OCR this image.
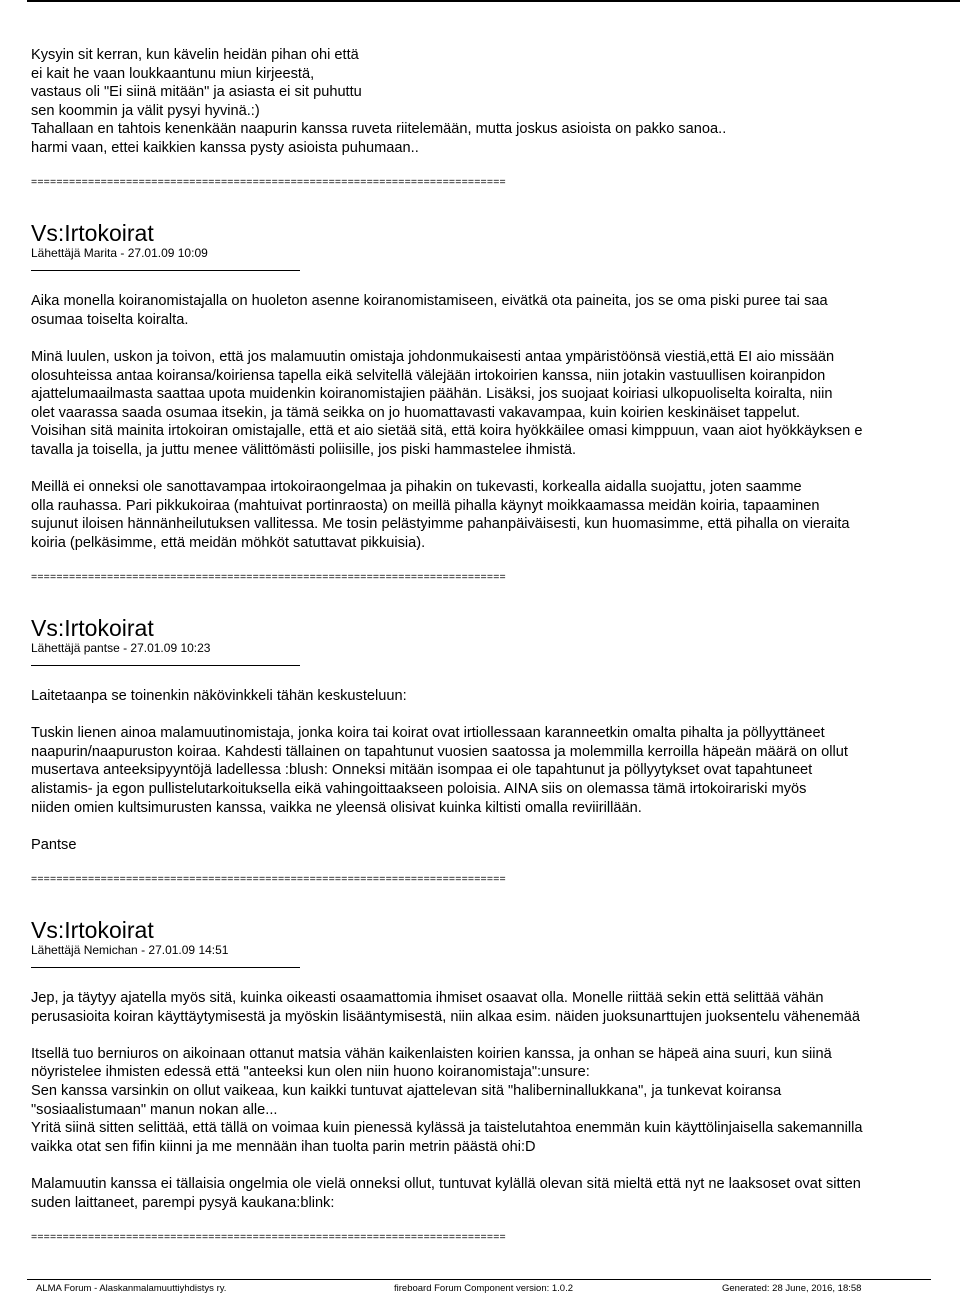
Kysyin sit kerran, kun kävelin heidän pihan ohi että

ei kait he vaan loukkaantunu miun kirjeestä,

vastaus oli "Ei siinä mitään" ja asiasta ei sit puhuttu

sen koommin ja välit pysyi hyvinä.:)

Tahallaan en tahtois kenenkään naapurin kanssa ruveta riitelemään, mutta joskus asioista on pakko sanoa..

harmi vaan, ettei kaikkien kanssa pysty asioista puhumaan..

===========================================================================

Vs:Irtokoirat

Lähettäjä Marita - 27.01.09 10:09

Aika monella koiranomistajalla on huoleton asenne koiranomistamiseen, eivätkä ota paineita, jos se oma piski puree tai saa

osumaa toiselta koiralta.

Minä luulen, uskon ja toivon, että jos malamuutin omistaja johdonmukaisesti antaa ympäristöönsä viestiä,että EI aio missään

olosuhteissa antaa koiransa/koiriensa tapella eikä selvitellä välejään irtokoirien kanssa, niin jotakin vastuullisen koiranpidon

ajattelumaailmasta saattaa upota muidenkin koiranomistajien päähän. Lisäksi, jos suojaat koiriasi ulkopuoliselta koiralta, niin

olet vaarassa saada osumaa itsekin, ja tämä seikka on jo huomattavasti vakavampaa, kuin koirien keskinäiset tappelut.

Voisihan sitä mainita irtokoiran omistajalle, että et aio sietää sitä, että koira hyökkäilee omasi kimppuun, vaan aiot hyökkäyksen e

tavalla ja toisella, ja juttu menee välittömästi poliisille, jos piski hammastelee ihmistä.

Meillä ei onneksi ole sanottavampaa irtokoiraongelmaa ja pihakin on tukevasti, korkealla aidalla suojattu, joten saamme

olla rauhassa. Pari pikkukoiraa (mahtuivat portinraosta) on meillä pihalla käynyt moikkaamassa meidän koiria, tapaaminen

sujunut iloisen hännänheilutuksen vallitessa. Me tosin pelästyimme pahanpäiväisesti, kun huomasimme, että pihalla on vieraita

koiria (pelkäsimme, että meidän möhköt satuttavat pikkuisia).

===========================================================================

Vs:Irtokoirat

Lähettäjä pantse - 27.01.09 10:23

Laitetaanpa se toinenkin näkövinkkeli tähän keskusteluun:

Tuskin lienen ainoa malamuutinomistaja, jonka koira tai koirat ovat irtiollessaan karanneetkin omalta pihalta ja pöllyyttäneet

naapurin/naapuruston koiraa. Kahdesti tällainen on tapahtunut vuosien saatossa ja molemmilla kerroilla häpeän määrä on ollut

musertava anteeksipyyntöjä ladellessa :blush: Onneksi mitään isompaa ei ole tapahtunut ja pöllyytykset ovat tapahtuneet

alistamis- ja egon pullistelutarkoituksella eikä vahingoittaakseen poloisia. AINA siis on olemassa tämä irtokoirariski myös

niiden omien kultsimurusten kanssa, vaikka ne yleensä olisivat kuinka kiltisti omalla reviirillään.

Pantse

===========================================================================

Vs:Irtokoirat

Lähettäjä Nemichan - 27.01.09 14:51

Jep, ja täytyy ajatella myös sitä, kuinka oikeasti osaamattomia ihmiset osaavat olla. Monelle riittää sekin että selittää vähän

perusasioita koiran käyttäytymisestä ja myöskin lisääntymisestä, niin alkaa esim. näiden juoksunarttujen juoksentelu vähenemää

Itsellä tuo berniuros on aikoinaan ottanut matsia vähän kaikenlaisten koirien kanssa, ja onhan se häpeä aina suuri, kun siinä

nöyristelee ihmisten edessä että "anteeksi kun olen niin huono koiranomistaja":unsure:

Sen kanssa varsinkin on ollut vaikeaa, kun kaikki tuntuvat ajattelevan sitä "haliberninallukkana", ja tunkevat koiransa

"sosiaalistumaan" manun nokan alle...

Yritä siinä sitten selittää, että tällä on voimaa kuin pienessä kylässä ja taistelutahtoa enemmän kuin käyttölinjaisella sakemannilla

vaikka otat sen fifin kiinni ja me mennään ihan tuolta parin metrin päästä ohi:D

Malamuutin kanssa ei tällaisia ongelmia ole vielä onneksi ollut, tuntuvat kylällä olevan sitä mieltä että nyt ne laaksoset ovat sitten

suden laittaneet, parempi pysyä kaukana:blink:

===========================================================================

ALMA Forum - Alaskanmalamuuttiyhdistys ry.	fireboard Forum Component version: 1.0.2	Generated: 28 June, 2016, 18:58
